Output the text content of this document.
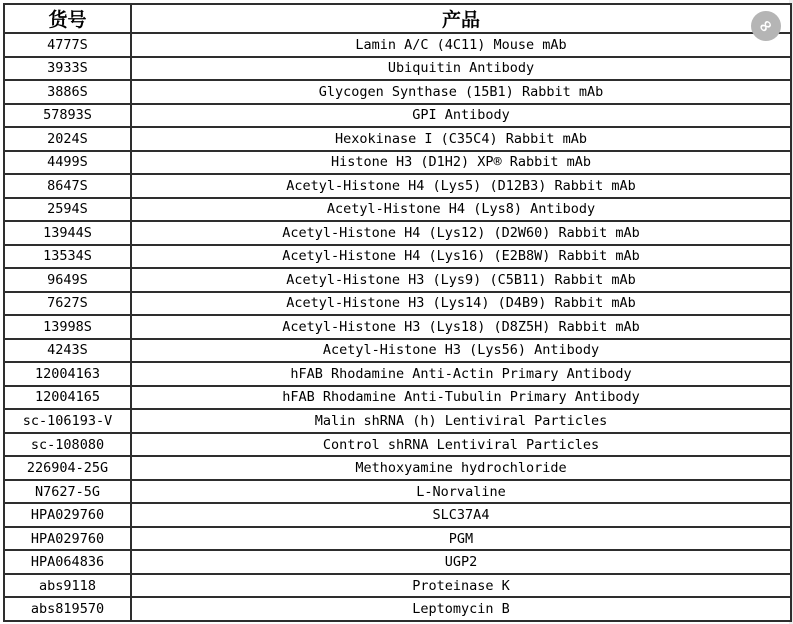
货号	产品
4777S	Lamin A/C (4C11) Mouse mAb
3933S	Ubiquitin Antibody
3886S	Glycogen Synthase (15B1) Rabbit mAb
57893S	GPI Antibody
2024S	Hexokinase I (C35C4) Rabbit mAb
4499S	Histone H3 (D1H2) XP® Rabbit mAb
8647S	Acetyl-Histone H4 (Lys5) (D12B3) Rabbit mAb
2594S	Acetyl-Histone H4 (Lys8) Antibody
13944S	Acetyl-Histone H4 (Lys12) (D2W60) Rabbit mAb
13534S	Acetyl-Histone H4 (Lys16) (E2B8W) Rabbit mAb
9649S	Acetyl-Histone H3 (Lys9) (C5B11) Rabbit mAb
7627S	Acetyl-Histone H3 (Lys14) (D4B9) Rabbit mAb
13998S	Acetyl-Histone H3 (Lys18) (D8Z5H) Rabbit mAb
4243S	Acetyl-Histone H3 (Lys56) Antibody
12004163	hFAB Rhodamine Anti-Actin Primary Antibody
12004165	hFAB Rhodamine Anti-Tubulin Primary Antibody
sc-106193-V	Malin shRNA (h) Lentiviral Particles
sc-108080	Control shRNA Lentiviral Particles
226904-25G	Methoxyamine hydrochloride
N7627-5G	L-Norvaline
HPA029760	SLC37A4
HPA029760	PGM
HPA064836	UGP2
abs9118	Proteinase K
abs819570	Leptomycin B
∞
